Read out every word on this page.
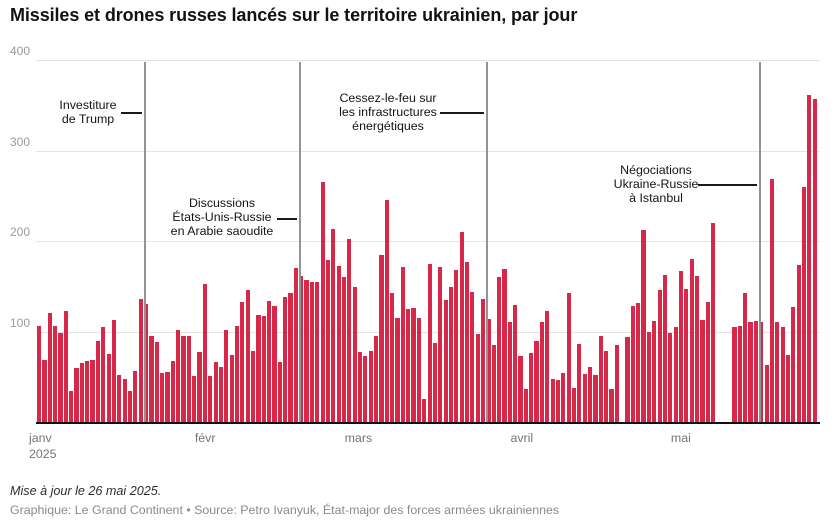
Missiles et drones russes lancés sur le territoire ukrainien, par jour
Mise à jour le 26 mai 2025.
Graphique: Le Grand Continent • Source: Petro Ivanyuk, État-major des forces armées ukrainiennes
100
200
300
400
janv	févr	mars	avril	mai
2025
Investiture
de Trump
Discussions
États-Unis-Russie
en Arabie saoudite
Cessez-le-feu sur
les infrastructures
énergétiques
Négociations
Ukraine-Russie
à Istanbul
